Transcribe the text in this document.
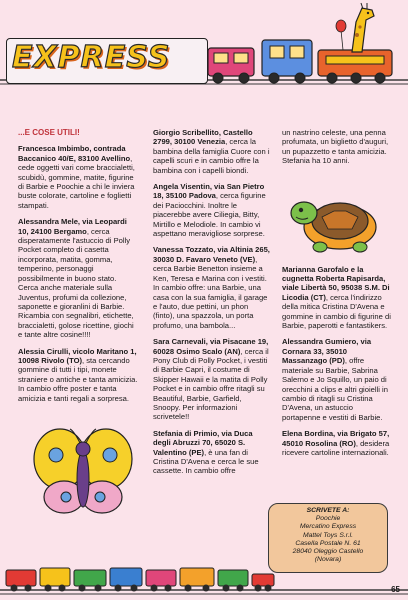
EXPRESS

...E COSE UTILI!

Francesca Imbimbo, contrada Baccanico 40/E, 83100 Avellino, cede oggetti vari come braccialetti, scubidù, gommine, matite, figurine di Barbie e Poochie a chi le inviera buste colorate, cartoline e foglietti stampati.

Alessandra Mele, via Leopardi 10, 24100 Bergamo, cerca disperatamente l'astuccio di Polly Pocket completo di casetta incorporata, matita, gomma, temperino, personaggi possibilmente in buono stato. Cerca anche materiale sulla Juventus, profumi da collezione, saponette e gioranlini di Barbie. Ricambia con segnalibri, etichette, braccialetti, golose ricettine, giochi e tante altre cosine!!!!

Alessia Cirulli, vicolo Maritano 1, 10098 Rivolo (TO), sta cercando gommine di tutti i tipi, monete straniere o antiche e tanta amicizia. In cambio offre poster e tanta amicizia e tanti regali a sorpresa.

Giorgio Scribellito, Castello 2799, 30100 Venezia, cerca la bambina della famiglia Cuore con i capelli scuri e in cambio offre la bambina con i capelli biondi.

Angela Visentin, via San Pietro 18, 35100 Padova, cerca figurine dei Paciocchini. Inoltre le piacerebbe avere Ciliegia, Bitty, Mirtillo e Melodiole. In cambio vi aspettano meravigliose sorprese.

Vanessa Tozzato, via Altinia 265, 30030 D. Favaro Veneto (VE), cerca Barbie Benetton insieme a Ken, Teresa e Marina con i vestiti. In cambio offre: una Barbie, una casa con la sua famiglia, il garage e l'auto, due pettini, un phon (finto), una spazzola, un porta profumo, una bambola...

Sara Carnevali, via Pisacane 19, 60028 Osimo Scalo (AN), cerca il Pony Club di Polly Pocket, i vestiti di Barbie Capri, il costume di Skipper Hawaii e la matita di Polly Pocket e in cambio offre ritagli su Beautiful, Barbie, Garfield, Snoopy. Per informazioni scrivetele!!

Stefania di Primio, via Duca degli Abruzzi 70, 65020 S. Valentino (PE), è una fan di Cristina D'Avena e cerca le sue cassette. In cambio offre

un nastrino celeste, una penna profumata, un biglietto d'auguri, un pupazzetto e tanta amicizia. Stefania ha 10 anni.

Marianna Garofalo e la cugnetta Roberta Rapisarda, viale Libertà 50, 95038 S.M. Di Licodia (CT), cerca l'indirizzo della mitica Cristina D'Avena e gommine in cambio di figurine di Barbie, paperotti e fantastikers.

Alessandra Gumiero, via Cornara 33, 35010 Massanzago (PD), offre materiale su Barbie, Sabrina Salerno e Jo Squillo, un paio di orecchini a clips e altri gioielli in cambio di ritagli su Cristina D'Avena, un astuccio portapenne e vestiti di Barbie.

Elena Bordina, via Brigato 57, 45010 Rosolina (RO), desidera ricevere cartoline internazionali.

SCRIVETE A:
Poochie
Mercatino Express
Mattel Toys S.r.l.
Casella Postale N. 61
28040 Oleggio Castello
(Novara)
65
